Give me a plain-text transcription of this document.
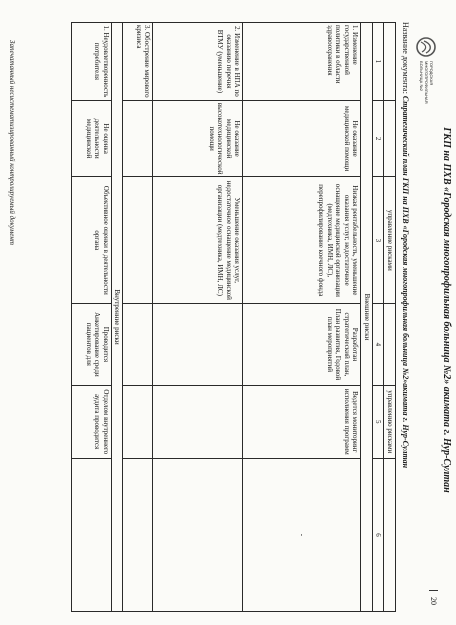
Запечатанный несистематизированный контролируемый документ	ГКП на ПХВ «Городская многопрофильная больница №2» акимата г. Нур-Султан
20
ГОРОДСКАЯ
МНОГОПРОФИЛЬНАЯ
БОЛЬНИЦА №2
Название документа: Стратегический план ГКП на ПХВ «Городская многопрофильная больница №2»акимата г. Нур-Султан
		управление рисками		управлению рисками	
1	2	3	4	5	6
Внешние риски					
1. Изменение государственной политики в области здравоохранения	Не оказание медицинской помощи	Низкая рентабельность, уменьшение оказания услуг, недостаточное оснащение медицинской организации (медтехника, ИМН, ЛС), перепрофилирование коечного фонда	Разработан стратегический план, План развития, Годовой план мероприятий	Ведется мониторинг исполнения программ	-
2. Изменение в НПА по оказанию перечня ВТМУ (уменьшение)	Не оказание медицинской высокотехнологической помощи	Уменьшение оказания услуг, недостаточное оснащение медицинской организации (медтехника, ИМН, ЛС)			
3. Обострение мирового кризиса					
Внутренние риски					
1. Неудовлетворенность потребителя	Не оценка деятельности медицинской	Объективное оценки в деятельности органа	Проводится Анкетирование среди пациентов для	Отделом внутреннего аудита проводится	
